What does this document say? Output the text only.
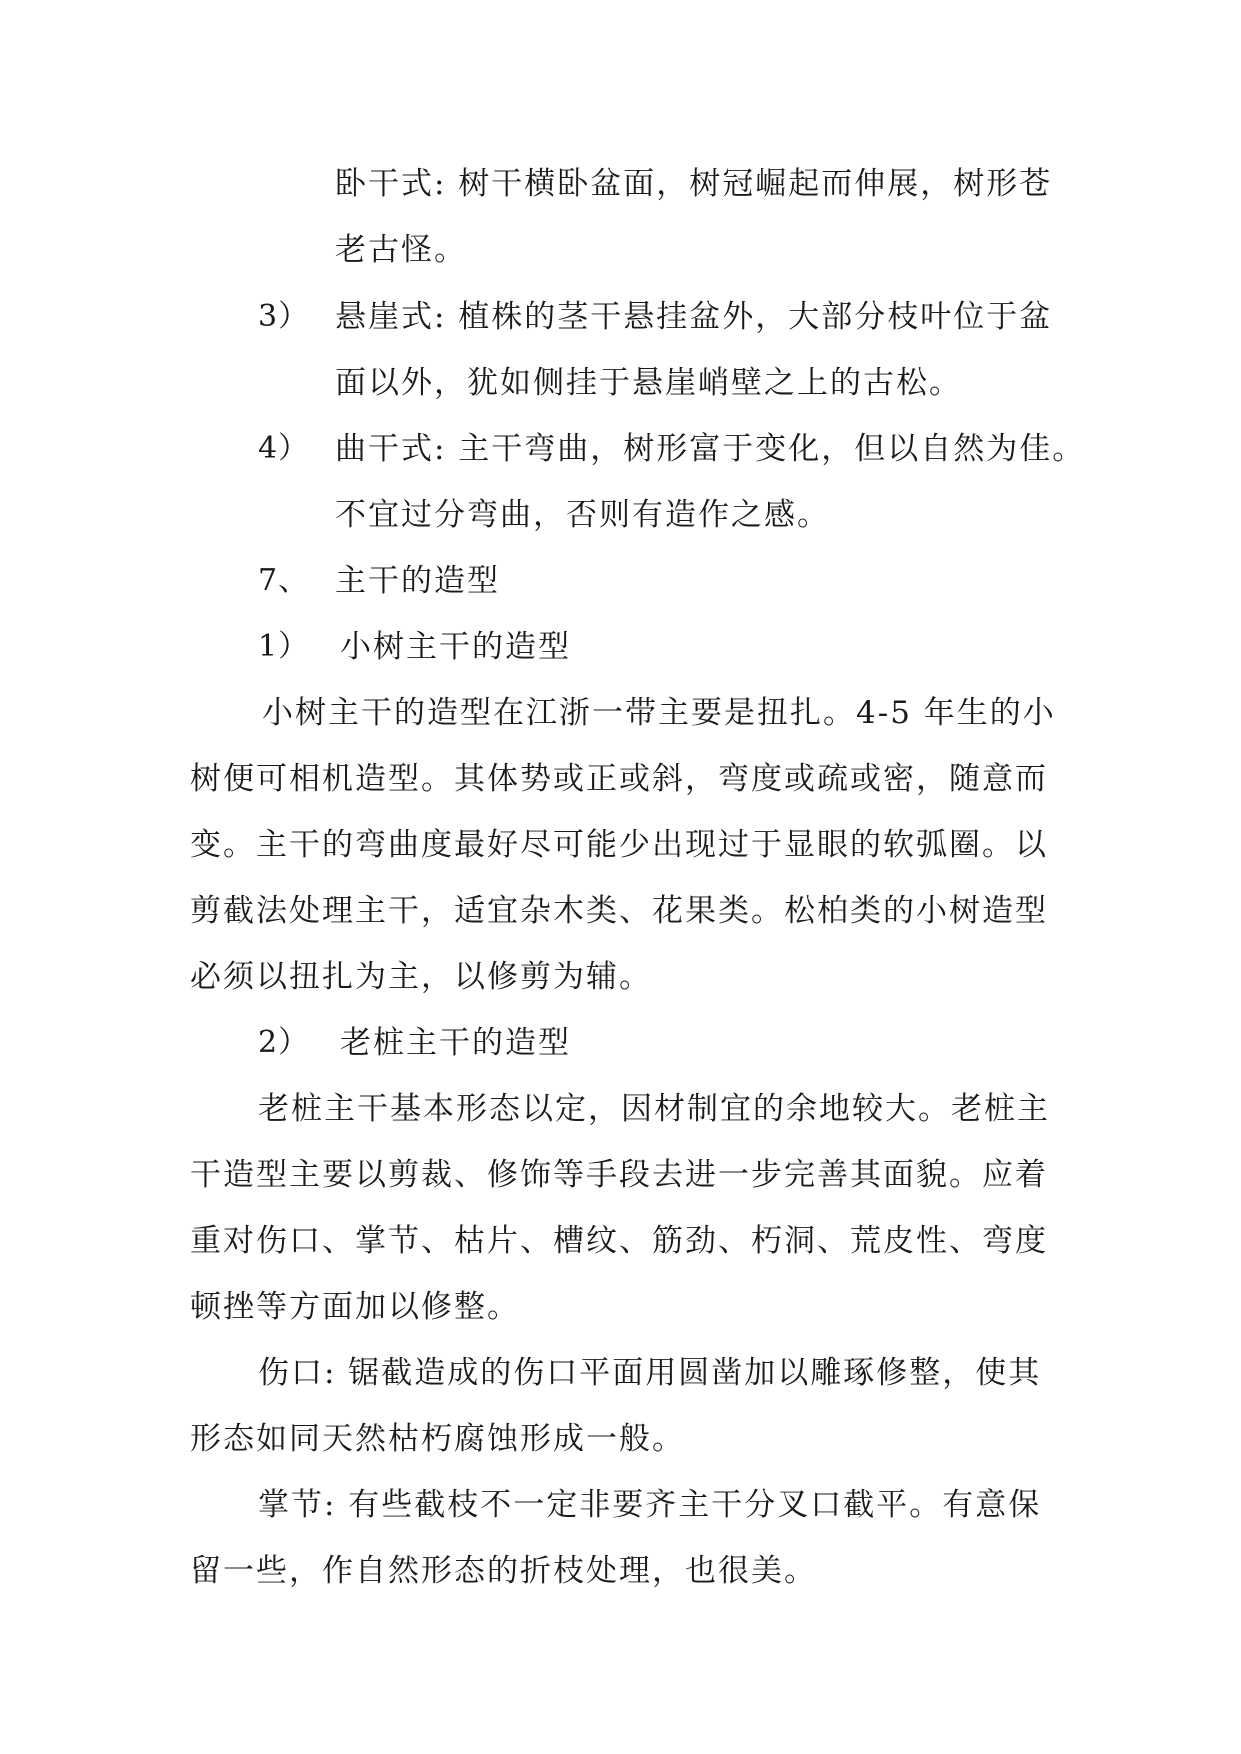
卧干式: 树干横卧盆面，树冠崛起而伸展，树形苍
老古怪。
3） 悬崖式: 植株的茎干悬挂盆外，大部分枝叶位于盆
面以外，犹如侧挂于悬崖峭壁之上的古松。
4） 曲干式: 主干弯曲，树形富于变化，但以自然为佳。
不宜过分弯曲，否则有造作之感。
7、 主干的造型
1） 小树主干的造型
小树主干的造型在江浙一带主要是扭扎。4-5 年生的小
树便可相机造型。其体势或正或斜，弯度或疏或密，随意而
变。主干的弯曲度最好尽可能少出现过于显眼的软弧圈。以
剪截法处理主干，适宜杂木类、花果类。松柏类的小树造型
必须以扭扎为主，以修剪为辅。
2） 老桩主干的造型
老桩主干基本形态以定，因材制宜的余地较大。老桩主
干造型主要以剪裁、修饰等手段去进一步完善其面貌。应着
重对伤口、掌节、枯片、槽纹、筋劲、朽洞、荒皮性、弯度
顿挫等方面加以修整。
伤口: 锯截造成的伤口平面用圆凿加以雕琢修整，使其
形态如同天然枯朽腐蚀形成一般。
掌节: 有些截枝不一定非要齐主干分叉口截平。有意保
留一些，作自然形态的折枝处理，也很美。
